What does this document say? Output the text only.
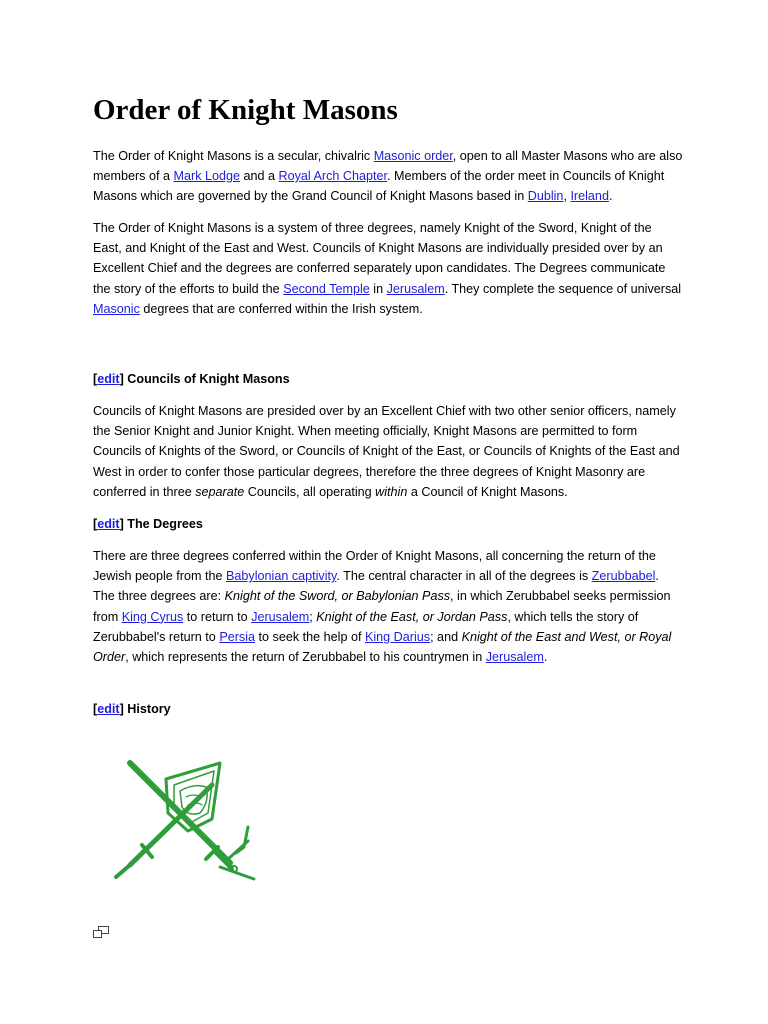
Order of Knight Masons

The Order of Knight Masons is a secular, chivalric Masonic order, open to all Master Masons who are also members of a Mark Lodge and a Royal Arch Chapter. Members of the order meet in Councils of Knight Masons which are governed by the Grand Council of Knight Masons based in Dublin, Ireland.

The Order of Knight Masons is a system of three degrees, namely Knight of the Sword, Knight of the East, and Knight of the East and West. Councils of Knight Masons are individually presided over by an Excellent Chief and the degrees are conferred separately upon candidates. The Degrees communicate the story of the efforts to build the Second Temple in Jerusalem. They complete the sequence of universal Masonic degrees that are conferred within the Irish system.

[edit] Councils of Knight Masons

Councils of Knight Masons are presided over by an Excellent Chief with two other senior officers, namely the Senior Knight and Junior Knight. When meeting officially, Knight Masons are permitted to form Councils of Knights of the Sword, or Councils of Knight of the East, or Councils of Knights of the East and West in order to confer those particular degrees, therefore the three degrees of Knight Masonry are conferred in three separate Councils, all operating within a Council of Knight Masons.

[edit] The Degrees

There are three degrees conferred within the Order of Knight Masons, all concerning the return of the Jewish people from the Babylonian captivity. The central character in all of the degrees is Zerubbabel. The three degrees are: Knight of the Sword, or Babylonian Pass, in which Zerubbabel seeks permission from King Cyrus to return to Jerusalem; Knight of the East, or Jordan Pass, which tells the story of Zerubbabel's return to Persia to seek the help of King Darius; and Knight of the East and West, or Royal Order, which represents the return of Zerubbabel to his countrymen in Jerusalem.

[edit] History
